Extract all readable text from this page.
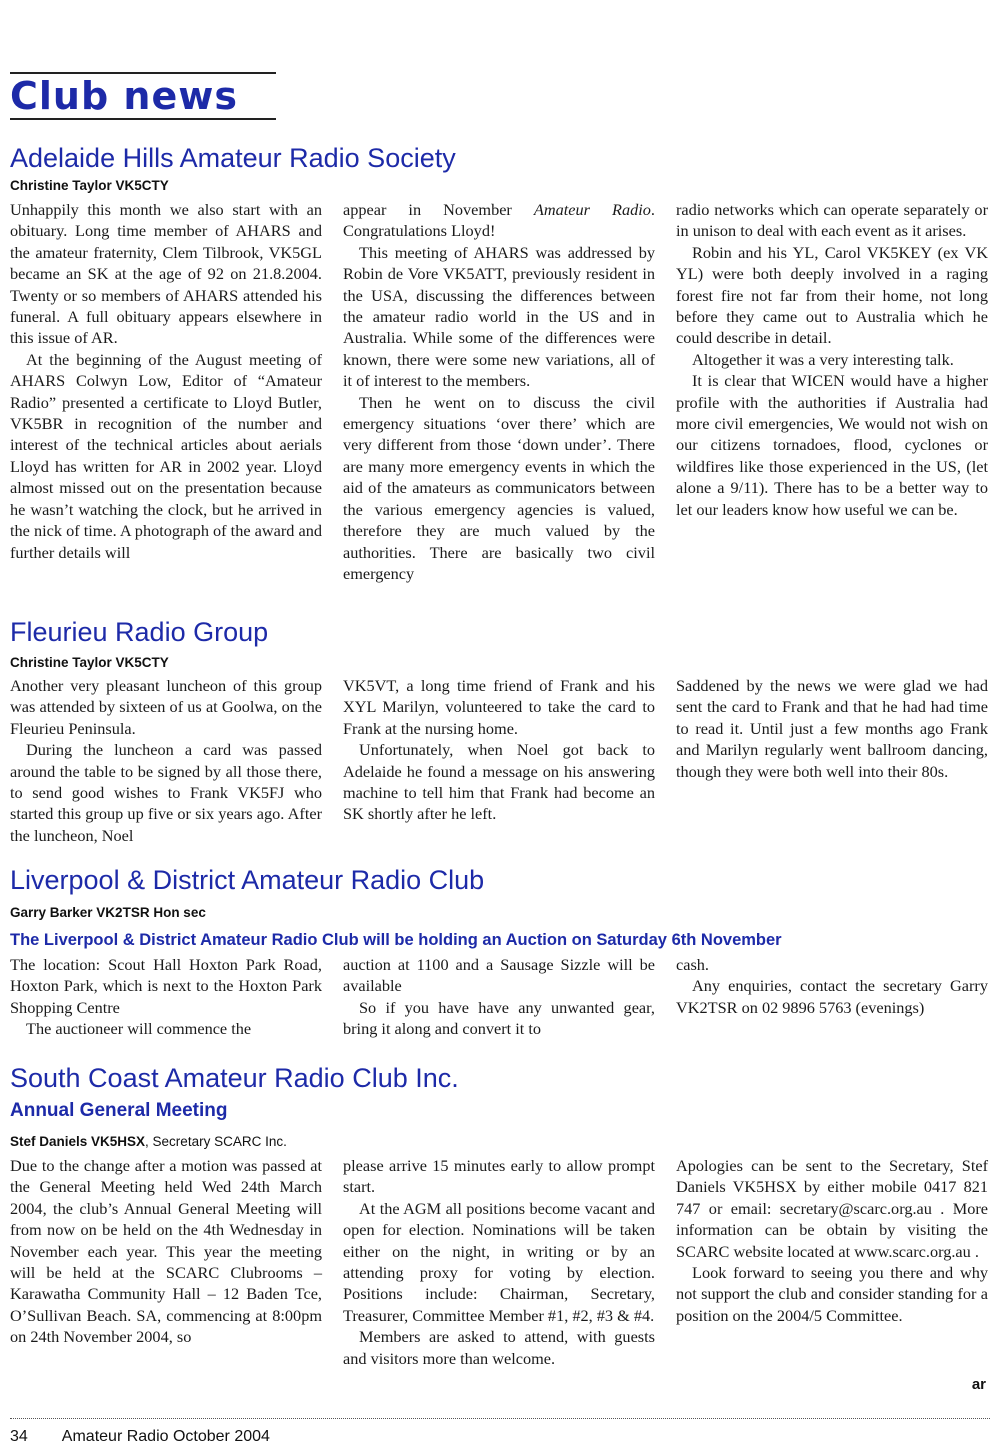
Club news
Adelaide Hills Amateur Radio Society
Christine Taylor VK5CTY

Unhappily this month we also start with an obituary. Long time member of AHARS and the amateur fraternity, Clem Tilbrook, VK5GL became an SK at the age of 92 on 21.8.2004. Twenty or so members of AHARS attended his funeral. A full obituary appears elsewhere in this issue of AR.

At the beginning of the August meeting of AHARS Colwyn Low, Editor of “Amateur Radio” presented a certificate to Lloyd Butler, VK5BR in recognition of the number and interest of the technical articles about aerials Lloyd has written for AR in 2002 year. Lloyd almost missed out on the presentation because he wasn’t watching the clock, but he arrived in the nick of time. A photograph of the award and further details will

appear in November Amateur Radio. Congratulations Lloyd!

This meeting of AHARS was addressed by Robin de Vore VK5ATT, previously resident in the USA, discussing the differences between the amateur radio world in the US and in Australia. While some of the differences were known, there were some new variations, all of it of interest to the members.

Then he went on to discuss the civil emergency situations ‘over there’ which are very different from those ‘down under’. There are many more emergency events in which the aid of the amateurs as communicators between the various emergency agencies is valued, therefore they are much valued by the authorities. There are basically two civil emergency

radio networks which can operate separately or in unison to deal with each event as it arises.

Robin and his YL, Carol VK5KEY (ex VK YL) were both deeply involved in a raging forest fire not far from their home, not long before they came out to Australia which he could describe in detail.

Altogether it was a very interesting talk.

It is clear that WICEN would have a higher profile with the authorities if Australia had more civil emergencies, We would not wish on our citizens tornadoes, flood, cyclones or wildfires like those experienced in the US, (let alone a 9/11). There has to be a better way to let our leaders know how useful we can be.

Fleurieu Radio Group
Christine Taylor VK5CTY

Another very pleasant luncheon of this group was attended by sixteen of us at Goolwa, on the Fleurieu Peninsula.

During the luncheon a card was passed around the table to be signed by all those there, to send good wishes to Frank VK5FJ who started this group up five or six years ago. After the luncheon, Noel

VK5VT, a long time friend of Frank and his XYL Marilyn, volunteered to take the card to Frank at the nursing home.

Unfortunately, when Noel got back to Adelaide he found a message on his answering machine to tell him that Frank had become an SK shortly after he left.

Saddened by the news we were glad we had sent the card to Frank and that he had had time to read it. Until just a few months ago Frank and Marilyn regularly went ballroom dancing, though they were both well into their 80s.

Liverpool & District Amateur Radio Club
Garry Barker VK2TSR Hon sec
The Liverpool & District Amateur Radio Club will be holding an Auction on Saturday 6th November

The location: Scout Hall Hoxton Park Road, Hoxton Park, which is next to the Hoxton Park Shopping Centre

The auctioneer will commence the

auction at 1100 and a Sausage Sizzle will be available

So if you have have any unwanted gear, bring it along and convert it to

cash.

Any enquiries, contact the secretary Garry VK2TSR on 02 9896 5763 (evenings)

South Coast Amateur Radio Club Inc.
Annual General Meeting
Stef Daniels VK5HSX, Secretary SCARC Inc.

Due to the change after a motion was passed at the General Meeting held Wed 24th March 2004, the club’s Annual General Meeting will from now on be held on the 4th Wednesday in November each year. This year the meeting will be held at the SCARC Clubrooms – Karawatha Community Hall – 12 Baden Tce, O’Sullivan Beach. SA, commencing at 8:00pm on 24th November 2004, so

please arrive 15 minutes early to allow prompt start.

At the AGM all positions become vacant and open for election. Nominations will be taken either on the night, in writing or by an attending proxy for voting by election. Positions include: Chairman, Secretary, Treasurer, Committee Member #1, #2, #3 & #4.

Members are asked to attend, with guests and visitors more than welcome.

Apologies can be sent to the Secretary, Stef Daniels VK5HSX by either mobile 0417 821 747 or email: secretary@scarc.org.au . More information can be obtain by visiting the SCARC website located at www.scarc.org.au .

Look forward to seeing you there and why not support the club and consider standing for a position on the 2004/5 Committee.

ar
34 Amateur Radio October 2004
